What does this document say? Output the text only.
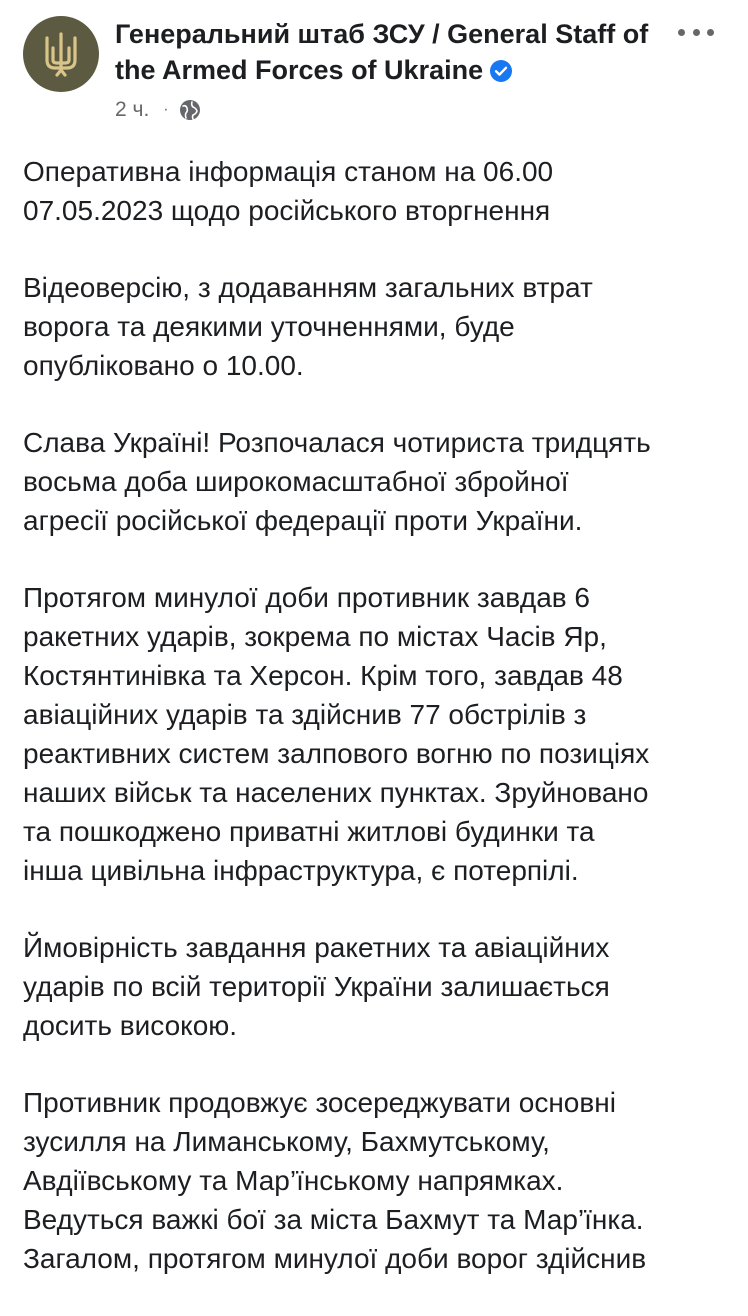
Генеральний штаб ЗСУ / General Staff of the Armed Forces of Ukraine
2 ч. ·

Оперативна інформація станом на 06.00
07.05.2023 щодо російського вторгнення

Відеоверсію, з додаванням загальних втрат
ворога та деякими уточненнями, буде
опубліковано о 10.00.

Слава Україні! Розпочалася чотириста тридцять
восьма доба широкомасштабної збройної
агресії російської федерації проти України.

Протягом минулої доби противник завдав 6
ракетних ударів, зокрема по містах Часів Яр,
Костянтинівка та Херсон. Крім того, завдав 48
авіаційних ударів та здійснив 77 обстрілів з
реактивних систем залпового вогню по позиціях
наших військ та населених пунктах. Зруйновано
та пошкоджено приватні житлові будинки та
інша цивільна інфраструктура, є потерпілі.

Ймовірність завдання ракетних та авіаційних
ударів по всій території України залишається
досить високою.

Противник продовжує зосереджувати основні
зусилля на Лиманському, Бахмутському,
Авдіївському та Мар’їнському напрямках.
Ведуться важкі бої за міста Бахмут та Мар’їнка.
Загалом, протягом минулої доби ворог здійснив
